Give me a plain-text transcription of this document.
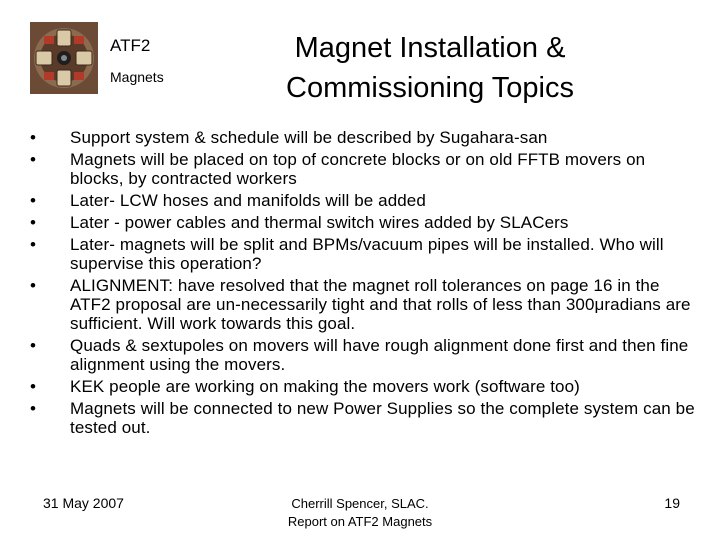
ATF2
Magnets
Magnet Installation &
Commissioning Topics
•	Support system & schedule will be described by Sugahara-san
•	Magnets will be placed on top of concrete blocks or on old FFTB movers on blocks, by contracted workers
•	Later- LCW hoses and manifolds will be added
•	Later - power cables and thermal switch wires added by SLACers
•	Later- magnets will be split and BPMs/vacuum pipes will be installed. Who will supervise this operation?
•	ALIGNMENT: have resolved that the magnet roll tolerances on page 16 in the ATF2 proposal are un-necessarily tight and that rolls of less than 300μradians are sufficient. Will work towards this goal.
•	Quads & sextupoles on movers will have rough alignment done first and then fine alignment using the movers.
•	KEK people are working on making the movers work (software too)
•	Magnets will be connected to new Power Supplies so the complete system can be tested out.
31 May 2007	Cherrill Spencer, SLAC.
Report on ATF2 Magnets
19
